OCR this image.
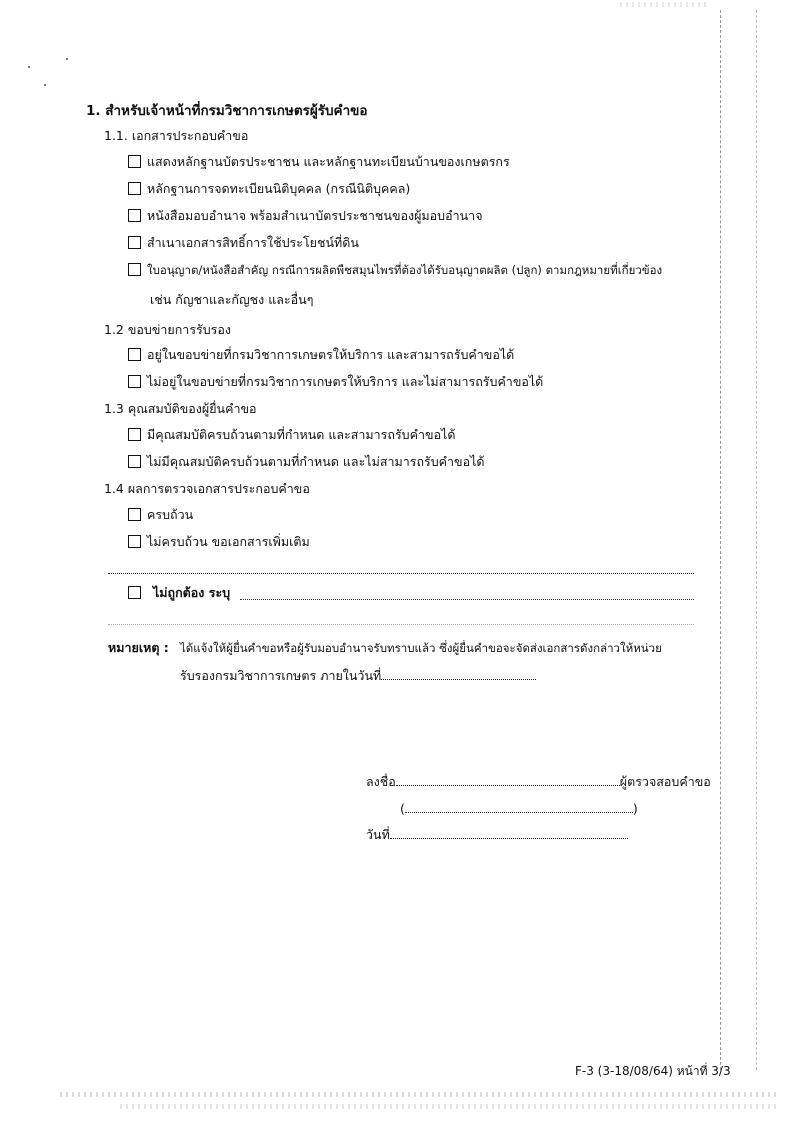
1. สำหรับเจ้าหน้าที่กรมวิชาการเกษตรผู้รับคำขอ
1.1. เอกสารประกอบคำขอ
แสดงหลักฐานบัตรประชาชน และหลักฐานทะเบียนบ้านของเกษตรกร
หลักฐานการจดทะเบียนนิติบุคคล (กรณีนิติบุคคล)
หนังสือมอบอำนาจ พร้อมสำเนาบัตรประชาชนของผู้มอบอำนาจ
สำเนาเอกสารสิทธิ์การใช้ประโยชน์ที่ดิน
ใบอนุญาต/หนังสือสำคัญ กรณีการผลิตพืชสมุนไพรที่ต้องได้รับอนุญาตผลิต (ปลูก) ตามกฎหมายที่เกี่ยวข้อง
เช่น กัญชาและกัญชง และอื่นๆ
1.2 ขอบข่ายการรับรอง
อยู่ในขอบข่ายที่กรมวิชาการเกษตรให้บริการ และสามารถรับคำขอได้
ไม่อยู่ในขอบข่ายที่กรมวิชาการเกษตรให้บริการ และไม่สามารถรับคำขอได้
1.3 คุณสมบัติของผู้ยื่นคำขอ
มีคุณสมบัติครบถ้วนตามที่กำหนด และสามารถรับคำขอได้
ไม่มีคุณสมบัติครบถ้วนตามที่กำหนด และไม่สามารถรับคำขอได้
1.4 ผลการตรวจเอกสารประกอบคำขอ
ครบถ้วน
ไม่ครบถ้วน ขอเอกสารเพิ่มเติม
ไม่ถูกต้อง ระบุ
หมายเหตุ : ได้แจ้งให้ผู้ยื่นคำขอหรือผู้รับมอบอำนาจรับทราบแล้ว ซึ่งผู้ยื่นคำขอจะจัดส่งเอกสารดังกล่าวให้หน่วย
รับรองกรมวิชาการเกษตร ภายในวันที่
ลงชื่อ	ผู้ตรวจสอบคำขอ
(	)
วันที่
F-3 (3-18/08/64) หน้าที่ 3/3
